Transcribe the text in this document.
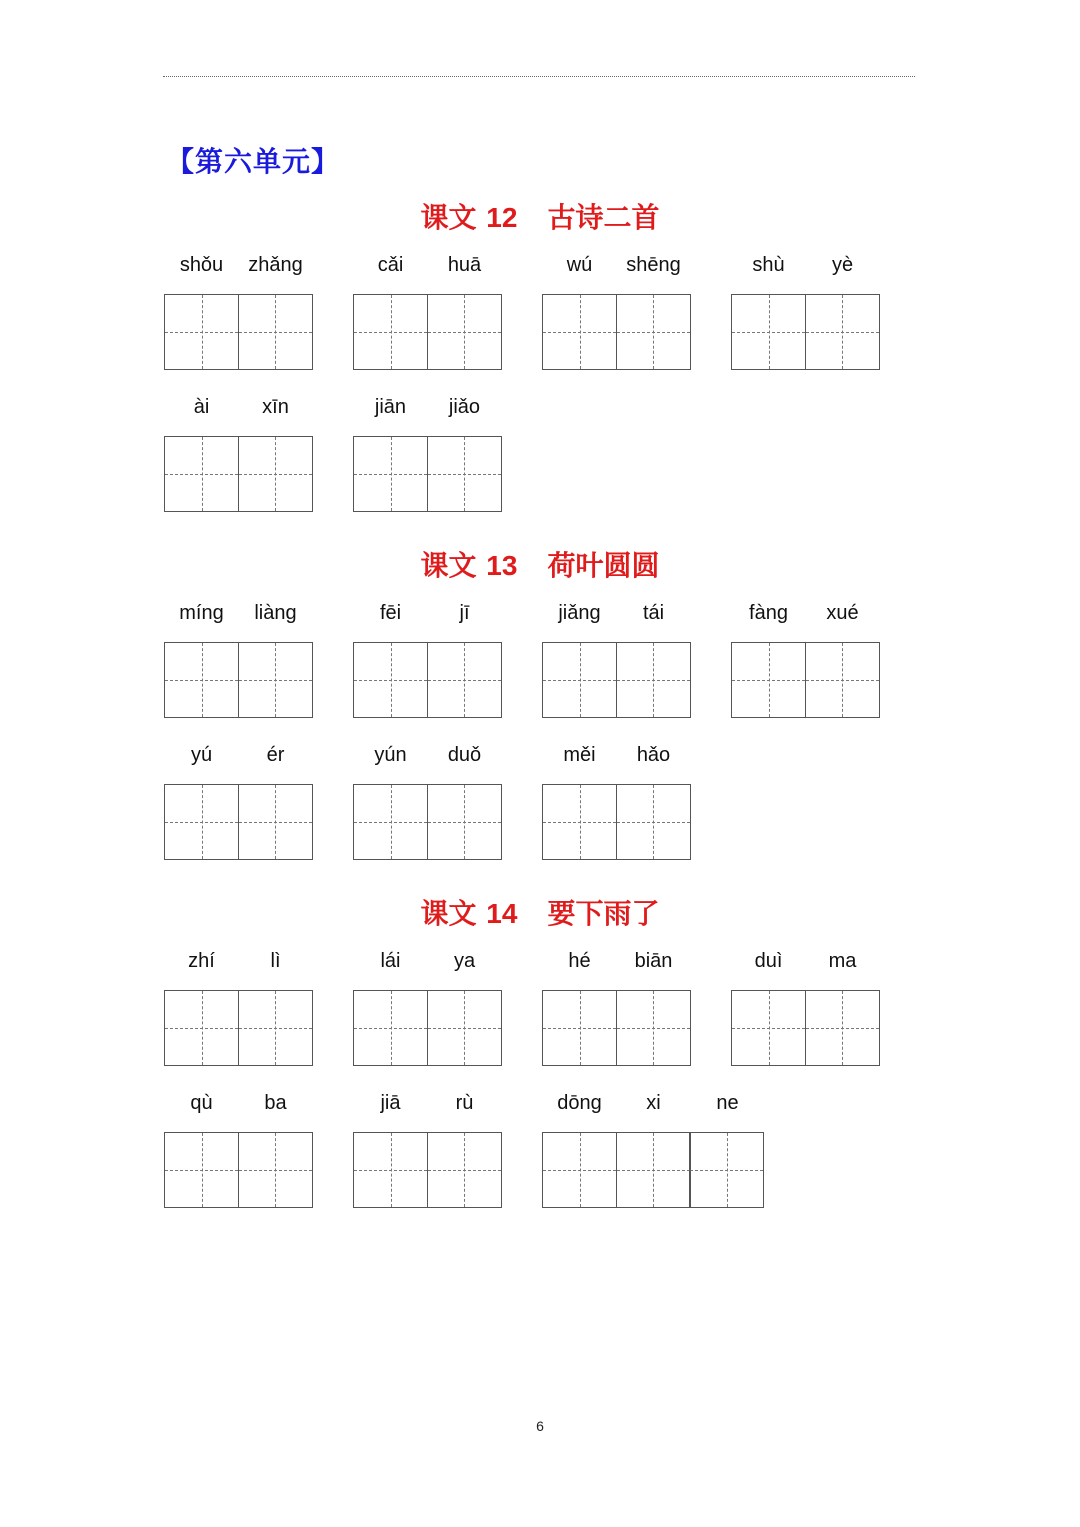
【第六单元】
课文 12 古诗二首
shǒu	zhǎng	cǎi	huā	wú	shēng	shù	yè
ài	xīn	jiān	jiǎo
课文 13 荷叶圆圆
míng	liàng	fēi	jī	jiǎng	tái	fàng	xué
yú	ér	yún	duǒ	měi	hǎo
课文 14 要下雨了
zhí	lì	lái	ya	hé	biān	duì	ma
qù	ba	jiā	rù	dōng	xi	ne
6
